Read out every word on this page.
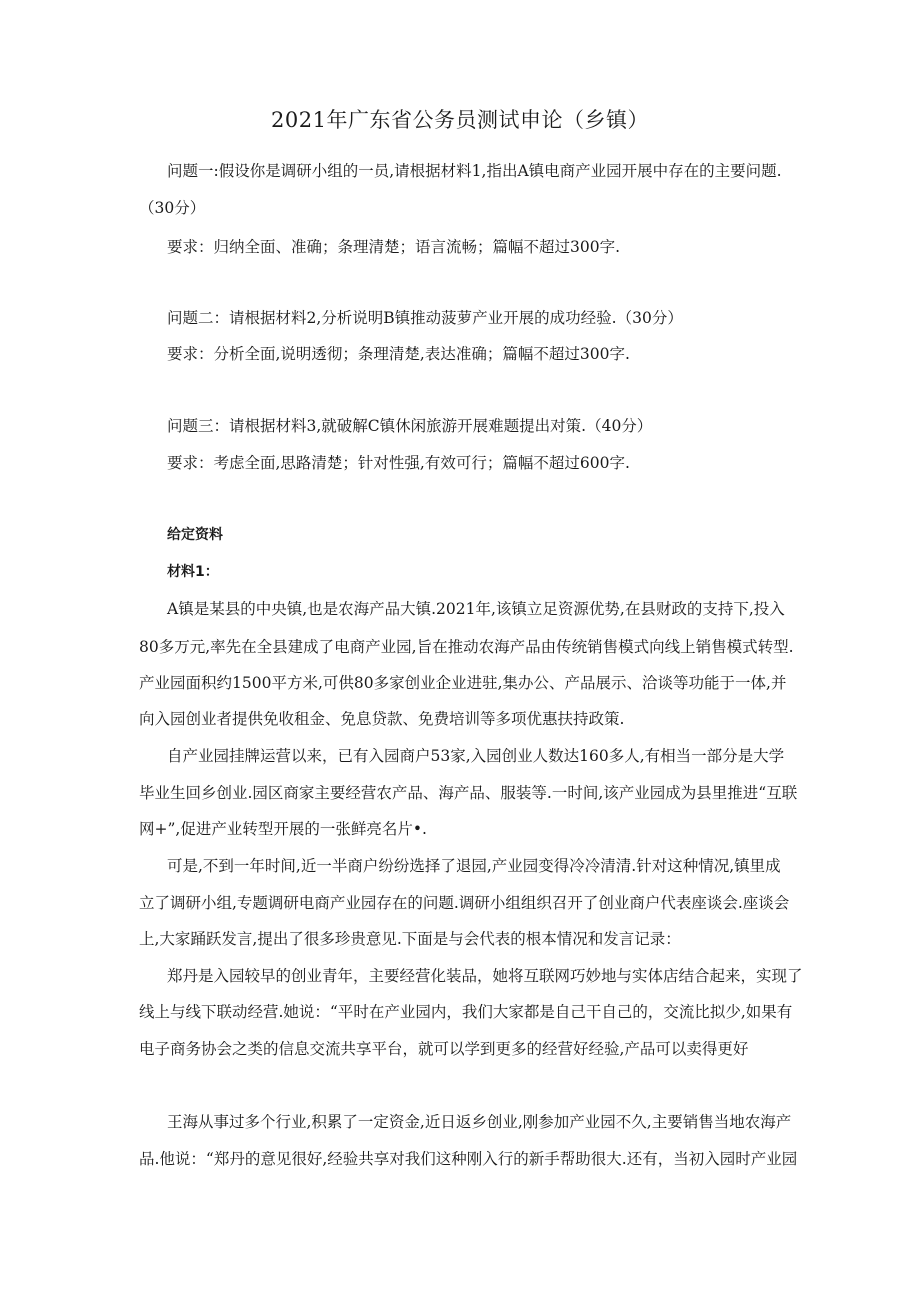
2021年广东省公务员测试申论（乡镇）
问题一:假设你是调研小组的一员,请根据材料1,指出A镇电商产业园开展中存在的主要问题.
（30分）
要求：归纳全面、准确；条理清楚；语言流畅；篇幅不超过300字.
问题二：请根据材料2,分析说明B镇推动菠萝产业开展的成功经验.（30分）
要求：分析全面,说明透彻；条理清楚,表达准确；篇幅不超过300字.
问题三：请根据材料3,就破解C镇休闲旅游开展难题提出对策.（40分）
要求：考虑全面,思路清楚；针对性强,有效可行；篇幅不超过600字.
给定资料
材料1：
A镇是某县的中央镇,也是农海产品大镇.2021年,该镇立足资源优势,在县财政的支持下,投入
80多万元,率先在全县建成了电商产业园,旨在推动农海产品由传统销售模式向线上销售模式转型.
产业园面积约1500平方米,可供80多家创业企业进驻,集办公、产品展示、洽谈等功能于一体,并
向入园创业者提供免收租金、免息贷款、免费培训等多项优惠扶持政策.
自产业园挂牌运营以来，已有入园商户53家,入园创业人数达160多人,有相当一部分是大学
毕业生回乡创业.园区商家主要经营农产品、海产品、服装等.一时间,该产业园成为县里推进“互联
网+”,促进产业转型开展的一张鲜亮名片•.
可是,不到一年时间,近一半商户纷纷选择了退园,产业园变得冷冷清清.针对这种情况,镇里成
立了调研小组,专题调研电商产业园存在的问题.调研小组组织召开了创业商户代表座谈会.座谈会
上,大家踊跃发言,提出了很多珍贵意见.下面是与会代表的根本情况和发言记录：
郑丹是入园较早的创业青年，主要经营化装品，她将互联网巧妙地与实体店结合起来，实现了
线上与线下联动经营.她说：“平时在产业园内，我们大家都是自己干自己的，交流比拟少,如果有
电子商务协会之类的信息交流共享平台，就可以学到更多的经营好经验,产品可以卖得更好
王海从事过多个行业,积累了一定资金,近日返乡创业,刚参加产业园不久,主要销售当地农海产
品.他说：“郑丹的意见很好,经验共享对我们这种刚入行的新手帮助很大.还有，当初入园时产业园
